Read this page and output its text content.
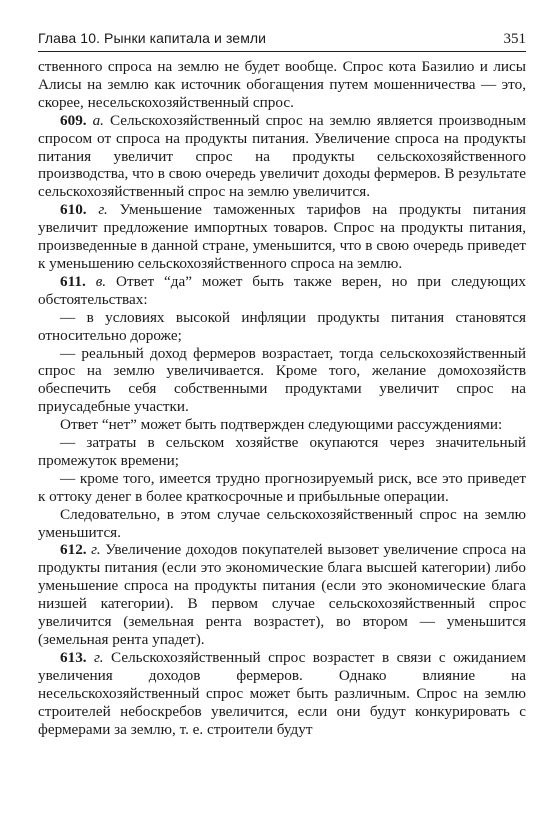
Глава 10. Рынки капитала и земли	351

ственного спроса на землю не будет вообще. Спрос кота Базилио и лисы Алисы на землю как источник обогащения путем мошенничества — это, скорее, несельскохозяйственный спрос.

609. а. Сельскохозяйственный спрос на землю является производным спросом от спроса на продукты питания. Увеличение спроса на продукты питания увеличит спрос на продукты сельскохозяйственного производства, что в свою очередь увеличит доходы фермеров. В результате сельскохозяйственный спрос на землю увеличится.

610. г. Уменьшение таможенных тарифов на продукты питания увеличит предложение импортных товаров. Спрос на продукты питания, произведенные в данной стране, уменьшится, что в свою очередь приведет к уменьшению сельскохозяйственного спроса на землю.

611. в. Ответ “да” может быть также верен, но при следующих обстоятельствах:

— в условиях высокой инфляции продукты питания становятся относительно дороже;

— реальный доход фермеров возрастает, тогда сельскохозяйственный спрос на землю увеличивается. Кроме того, желание домохозяйств обеспечить себя собственными продуктами увеличит спрос на приусадебные участки.

Ответ “нет” может быть подтвержден следующими рассуждениями:

— затраты в сельском хозяйстве окупаются через значительный промежуток времени;

— кроме того, имеется трудно прогнозируемый риск, все это приведет к оттоку денег в более краткосрочные и прибыльные операции.

Следовательно, в этом случае сельскохозяйственный спрос на землю уменьшится.

612. г. Увеличение доходов покупателей вызовет увеличение спроса на продукты питания (если это экономические блага высшей категории) либо уменьшение спроса на продукты питания (если это экономические блага низшей категории). В первом случае сельскохозяйственный спрос увеличится (земельная рента возрастет), во втором — уменьшится (земельная рента упадет).

613. г. Сельскохозяйственный спрос возрастет в связи с ожиданием увеличения доходов фермеров. Однако влияние на несельскохозяйственный спрос может быть различным. Спрос на землю строителей небоскребов увеличится, если они будут конкурировать с фермерами за землю, т. е. строители будут
